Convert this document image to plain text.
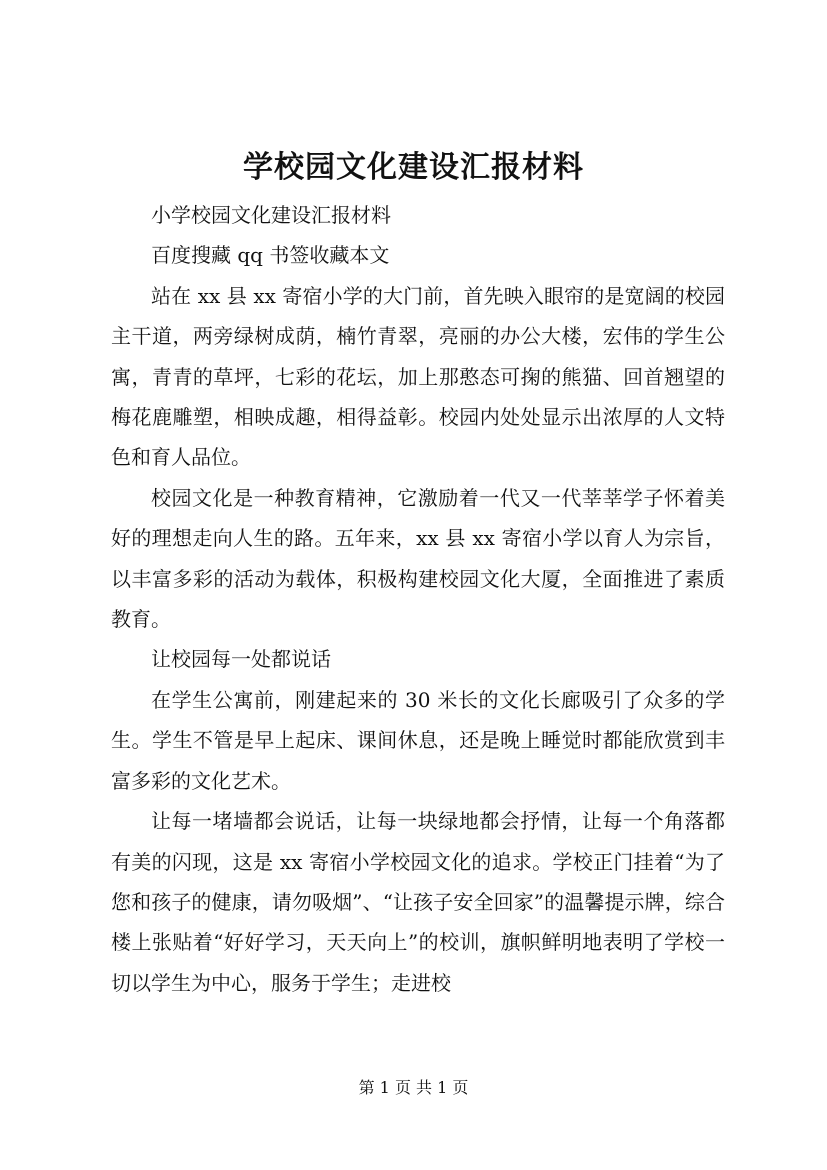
学校园文化建设汇报材料

小学校园文化建设汇报材料

百度搜藏 qq 书签收藏本文

站在 xx 县 xx 寄宿小学的大门前，首先映入眼帘的是宽阔的校园主干道，两旁绿树成荫，楠竹青翠，亮丽的办公大楼，宏伟的学生公寓，青青的草坪，七彩的花坛，加上那憨态可掬的熊猫、回首翘望的梅花鹿雕塑，相映成趣，相得益彰。校园内处处显示出浓厚的人文特色和育人品位。

校园文化是一种教育精神，它激励着一代又一代莘莘学子怀着美好的理想走向人生的路。五年来，xx 县 xx 寄宿小学以育人为宗旨，以丰富多彩的活动为载体，积极构建校园文化大厦，全面推进了素质教育。

让校园每一处都说话

在学生公寓前，刚建起来的 30 米长的文化长廊吸引了众多的学生。学生不管是早上起床、课间休息，还是晚上睡觉时都能欣赏到丰富多彩的文化艺术。

让每一堵墙都会说话，让每一块绿地都会抒情，让每一个角落都有美的闪现，这是 xx 寄宿小学校园文化的追求。学校正门挂着“为了您和孩子的健康，请勿吸烟”、“让孩子安全回家”的温馨提示牌，综合楼上张贴着“好好学习，天天向上”的校训，旗帜鲜明地表明了学校一切以学生为中心，服务于学生；走进校

第 1 页 共 1 页
